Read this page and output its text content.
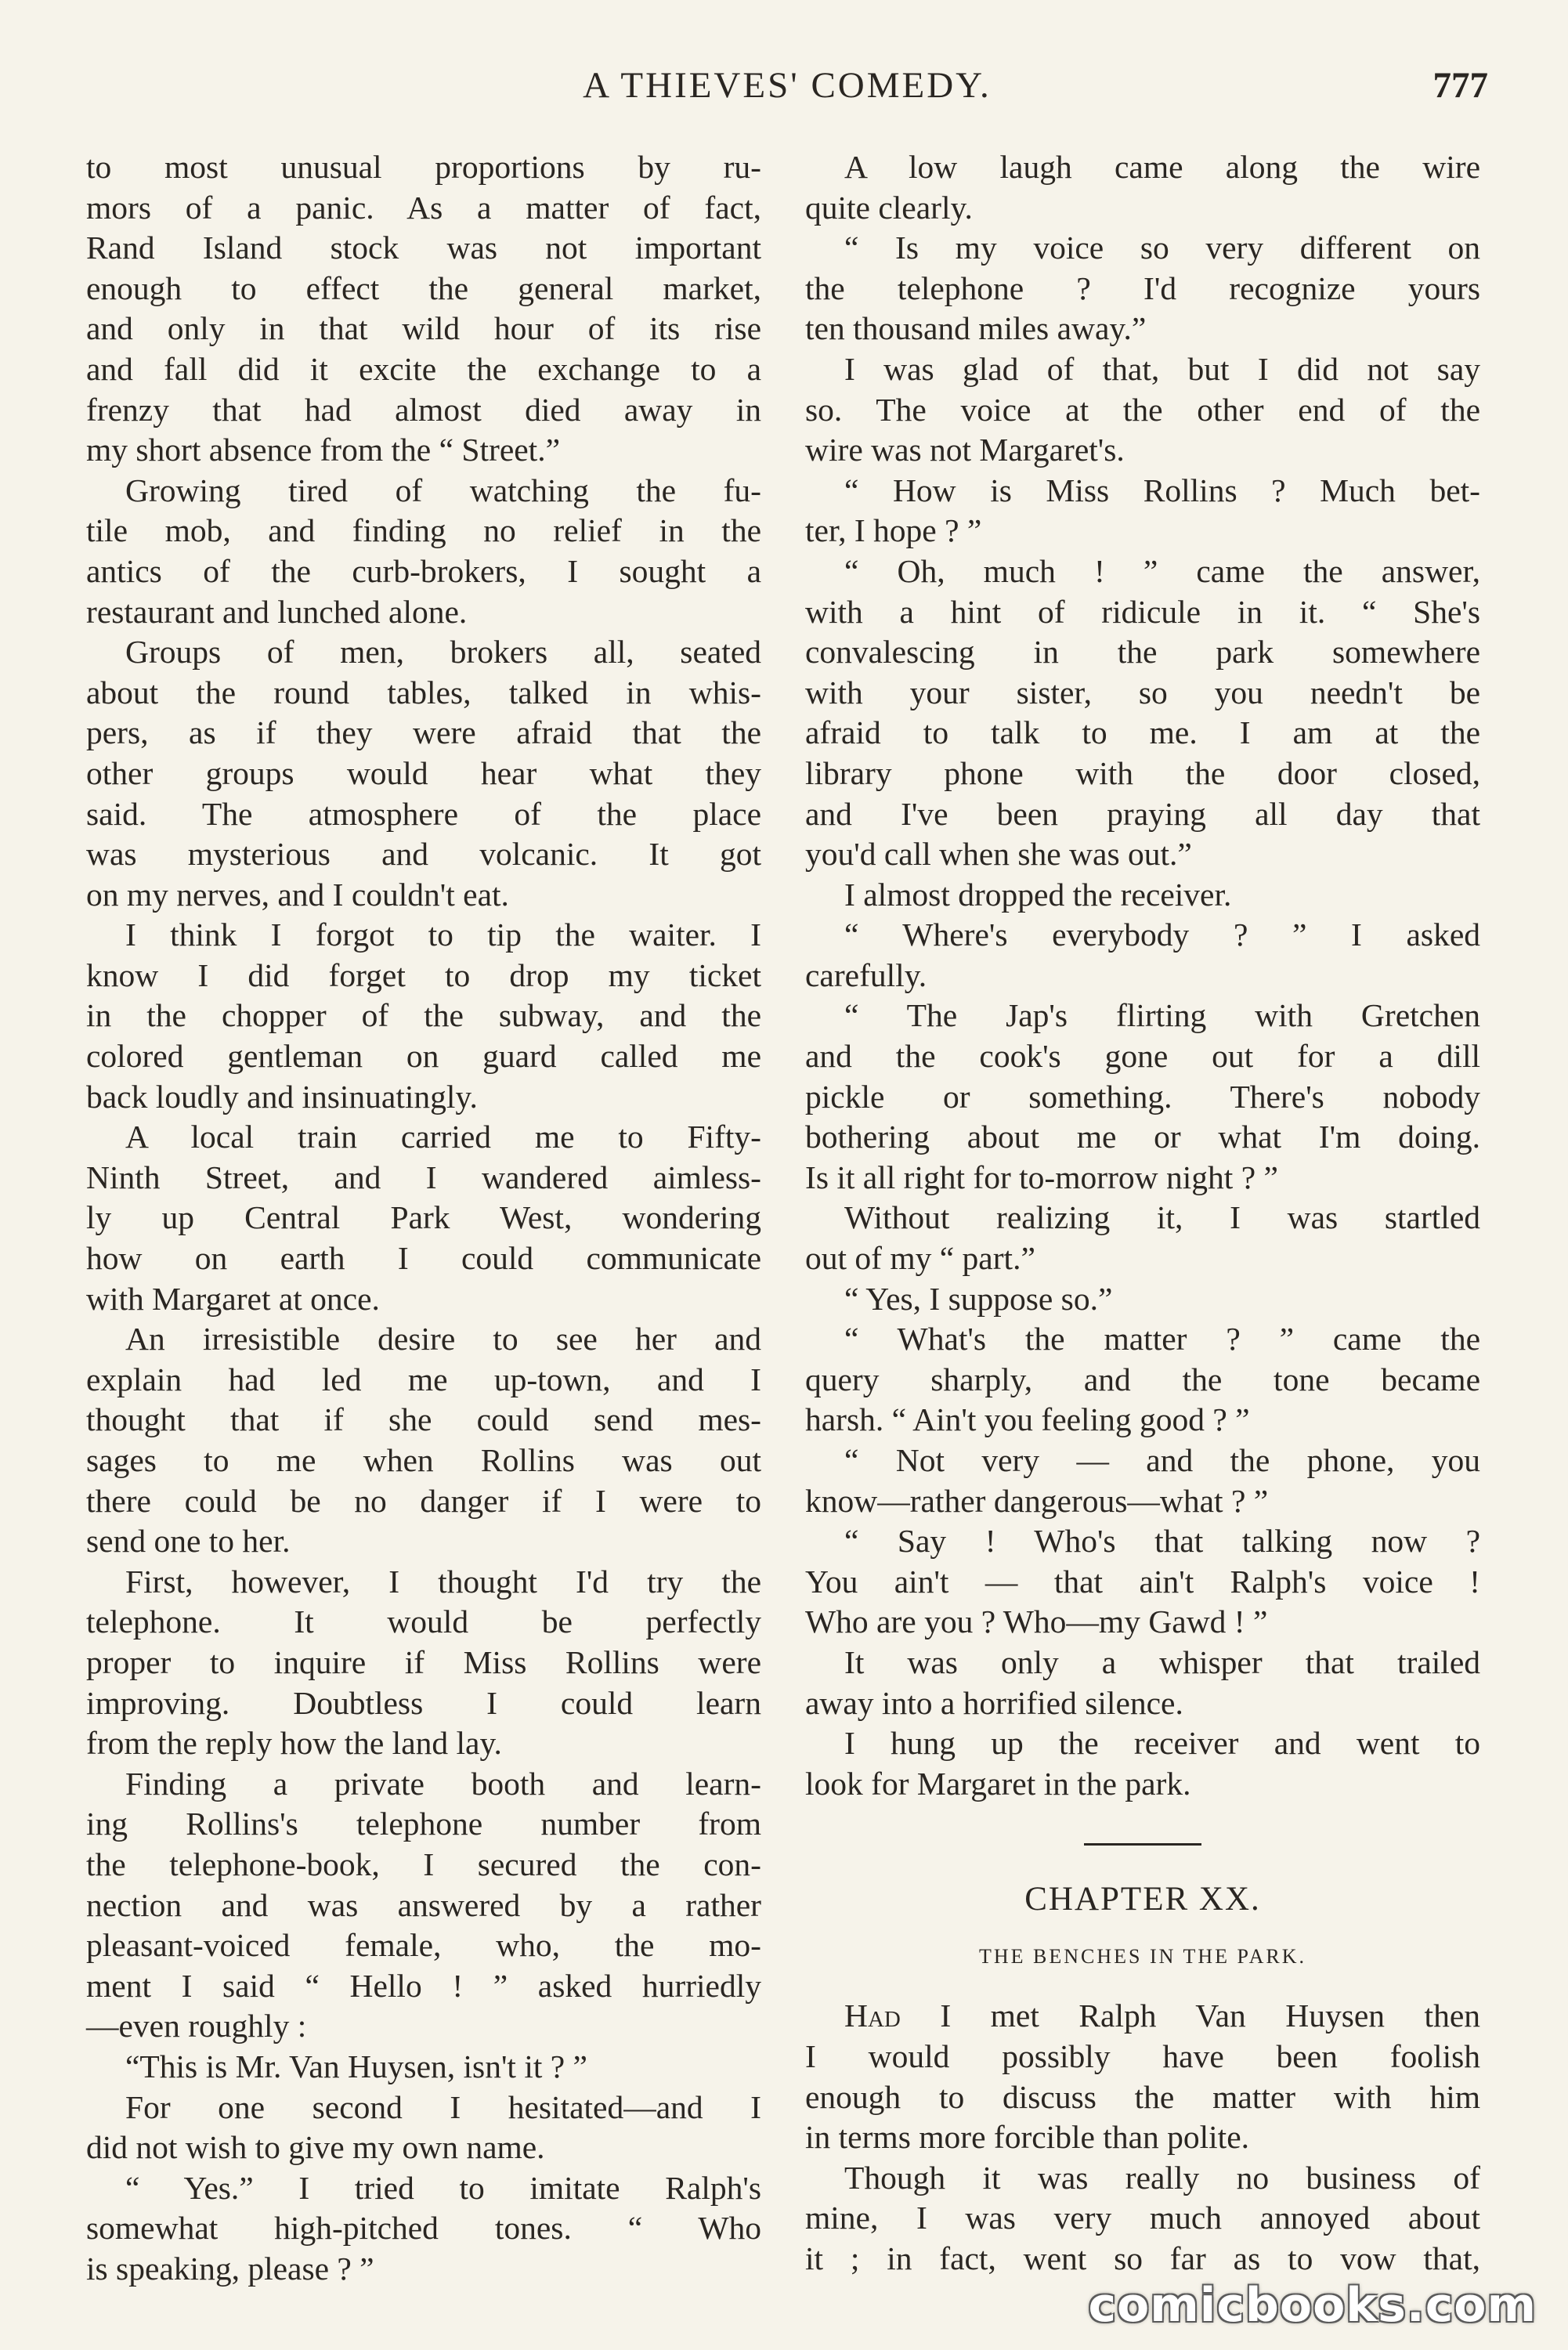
A THIEVES' COMEDY.	777
to most unusual proportions by ru-
mors of a panic. As a matter of fact,
Rand Island stock was not important
enough to effect the general market,
and only in that wild hour of its rise
and fall did it excite the exchange to a
frenzy that had almost died away in
my short absence from the “ Street.”
Growing tired of watching the fu-
tile mob, and finding no relief in the
antics of the curb-brokers, I sought a
restaurant and lunched alone.
Groups of men, brokers all, seated
about the round tables, talked in whis-
pers, as if they were afraid that the
other groups would hear what they
said. The atmosphere of the place
was mysterious and volcanic. It got
on my nerves, and I couldn't eat.
I think I forgot to tip the waiter. I
know I did forget to drop my ticket
in the chopper of the subway, and the
colored gentleman on guard called me
back loudly and insinuatingly.
A local train carried me to Fifty-
Ninth Street, and I wandered aimless-
ly up Central Park West, wondering
how on earth I could communicate
with Margaret at once.
An irresistible desire to see her and
explain had led me up-town, and I
thought that if she could send mes-
sages to me when Rollins was out
there could be no danger if I were to
send one to her.
First, however, I thought I'd try the
telephone. It would be perfectly
proper to inquire if Miss Rollins were
improving. Doubtless I could learn
from the reply how the land lay.
Finding a private booth and learn-
ing Rollins's telephone number from
the telephone-book, I secured the con-
nection and was answered by a rather
pleasant-voiced female, who, the mo-
ment I said “ Hello ! ” asked hurriedly
—even roughly :
“This is Mr. Van Huysen, isn't it ? ”
For one second I hesitated—and I
did not wish to give my own name.
“ Yes.” I tried to imitate Ralph's
somewhat high-pitched tones. “ Who
is speaking, please ? ”
A low laugh came along the wire
quite clearly.
“ Is my voice so very different on
the telephone ? I'd recognize yours
ten thousand miles away.”
I was glad of that, but I did not say
so. The voice at the other end of the
wire was not Margaret's.
“ How is Miss Rollins ? Much bet-
ter, I hope ? ”
“ Oh, much ! ” came the answer,
with a hint of ridicule in it. “ She's
convalescing in the park somewhere
with your sister, so you needn't be
afraid to talk to me. I am at the
library phone with the door closed,
and I've been praying all day that
you'd call when she was out.”
I almost dropped the receiver.
“ Where's everybody ? ” I asked
carefully.
“ The Jap's flirting with Gretchen
and the cook's gone out for a dill
pickle or something. There's nobody
bothering about me or what I'm doing.
Is it all right for to-morrow night ? ”
Without realizing it, I was startled
out of my “ part.”
“ Yes, I suppose so.”
“ What's the matter ? ” came the
query sharply, and the tone became
harsh. “ Ain't you feeling good ? ”
“ Not very — and the phone, you
know—rather dangerous—what ? ”
“ Say ! Who's that talking now ?
You ain't — that ain't Ralph's voice !
Who are you ? Who—my Gawd ! ”
It was only a whisper that trailed
away into a horrified silence.
I hung up the receiver and went to
look for Margaret in the park.
CHAPTER XX.
THE BENCHES IN THE PARK.
Had I met Ralph Van Huysen then
I would possibly have been foolish
enough to discuss the matter with him
in terms more forcible than polite.
Though it was really no business of
mine, I was very much annoyed about
it ; in fact, went so far as to vow that,
comicbooks.com
